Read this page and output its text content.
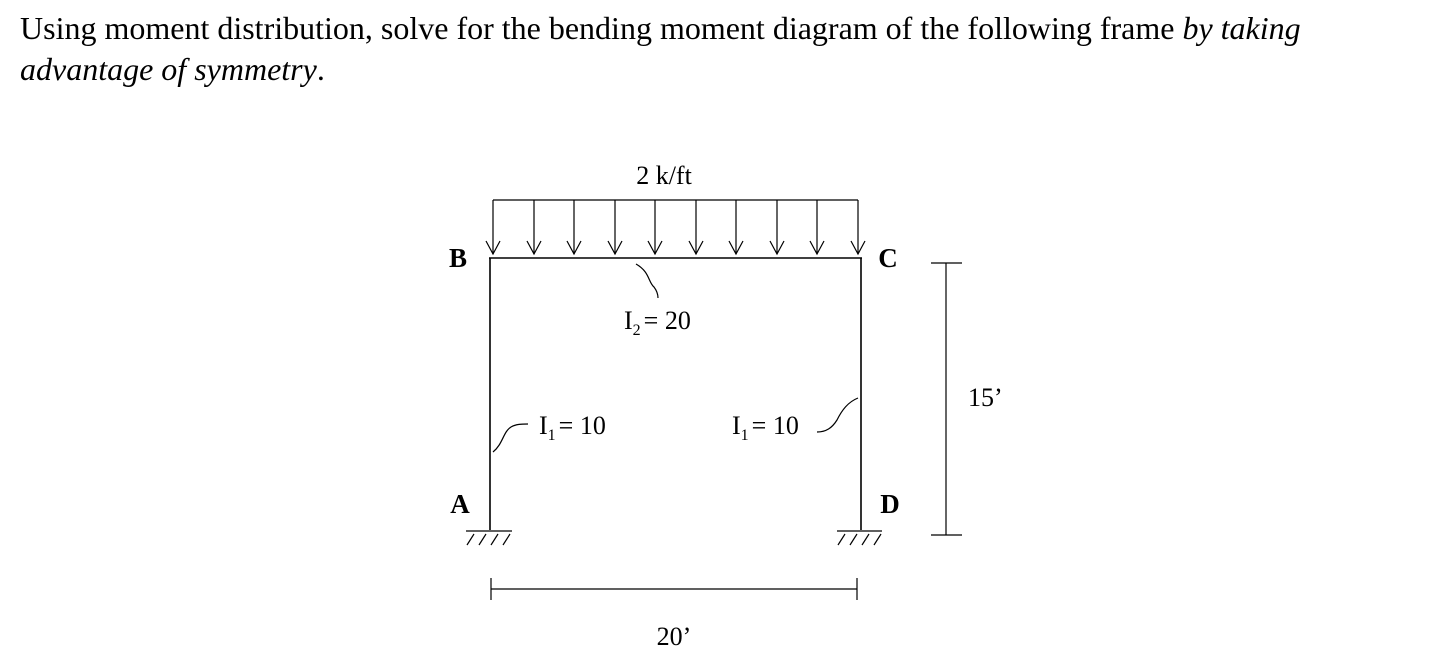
Using moment distribution, solve for the bending moment diagram of the following frame by taking advantage of symmetry.

2 k/ft
B	C
A	D
$I_2 = 20$
$I_1 = 10$	$I_1 = 10$
15’
20’
